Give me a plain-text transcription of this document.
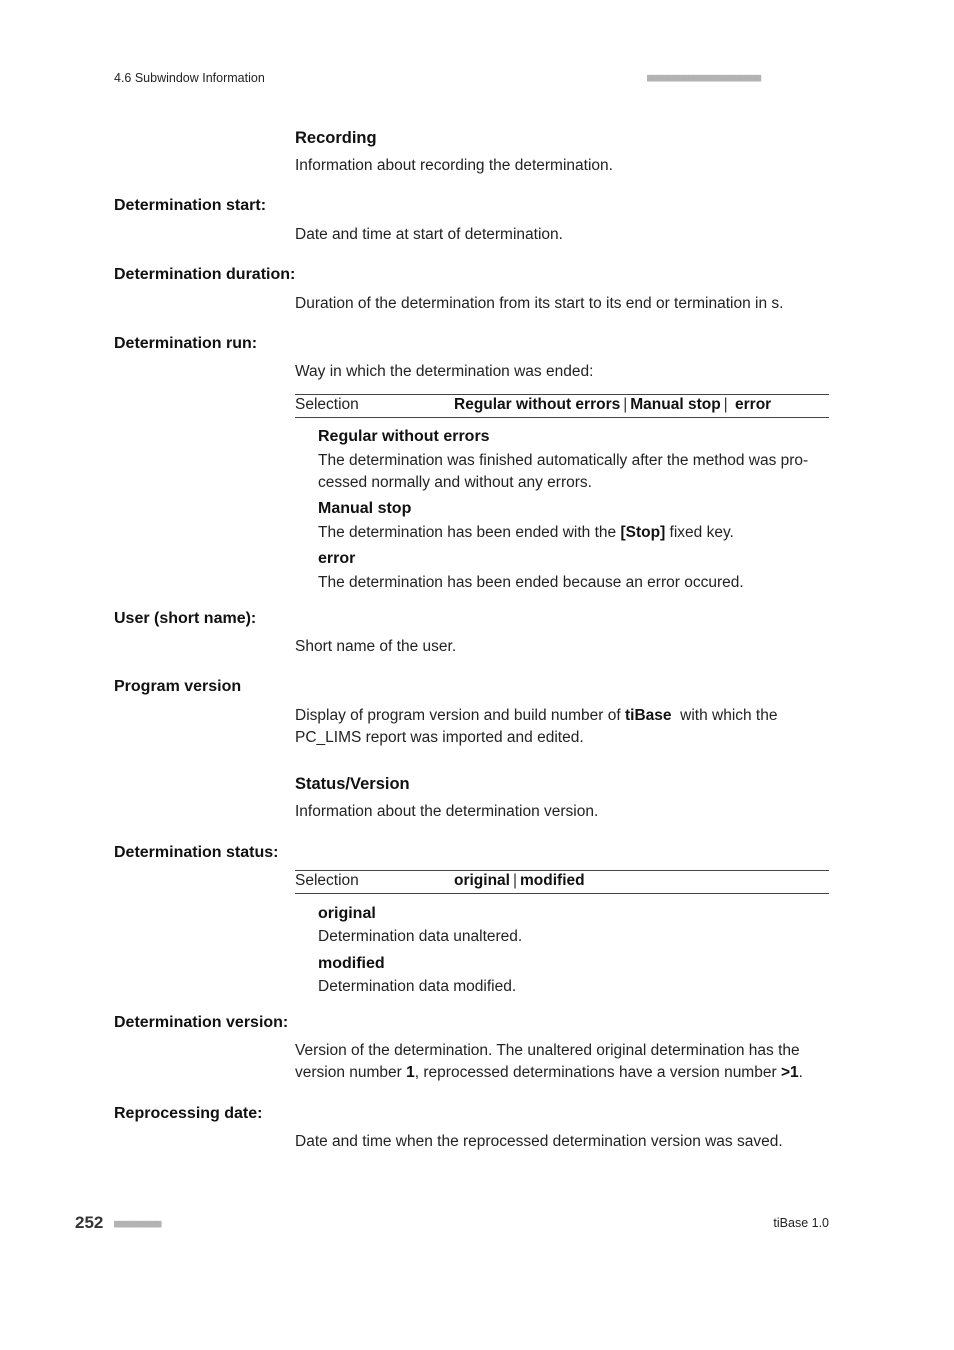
4.6 Subwindow Information	■■■■■■■■■■■■■■■■■■■■■■
Recording
Information about recording the determination.
Determination start:
Date and time at start of determination.
Determination duration:
Duration of the determination from its start to its end or termination in s.
Determination run:
Way in which the determination was ended:
Selection	Regular without errors | Manual stop | error
Regular without errors
The determination was finished automatically after the method was pro-
cessed normally and without any errors.
Manual stop
The determination has been ended with the [Stop] fixed key.
error
The determination has been ended because an error occured.
User (short name):
Short name of the user.
Program version
Display of program version and build number of tiBase  with which the
PC_LIMS report was imported and edited.
Status/Version
Information about the determination version.
Determination status:
Selection	original | modified
original
Determination data unaltered.
modified
Determination data modified.
Determination version:
Version of the determination. The unaltered original determination has the
version number 1, reprocessed determinations have a version number >1.
Reprocessing date:
Date and time when the reprocessed determination version was saved.
252 ■■■■■■■■■	tiBase 1.0
